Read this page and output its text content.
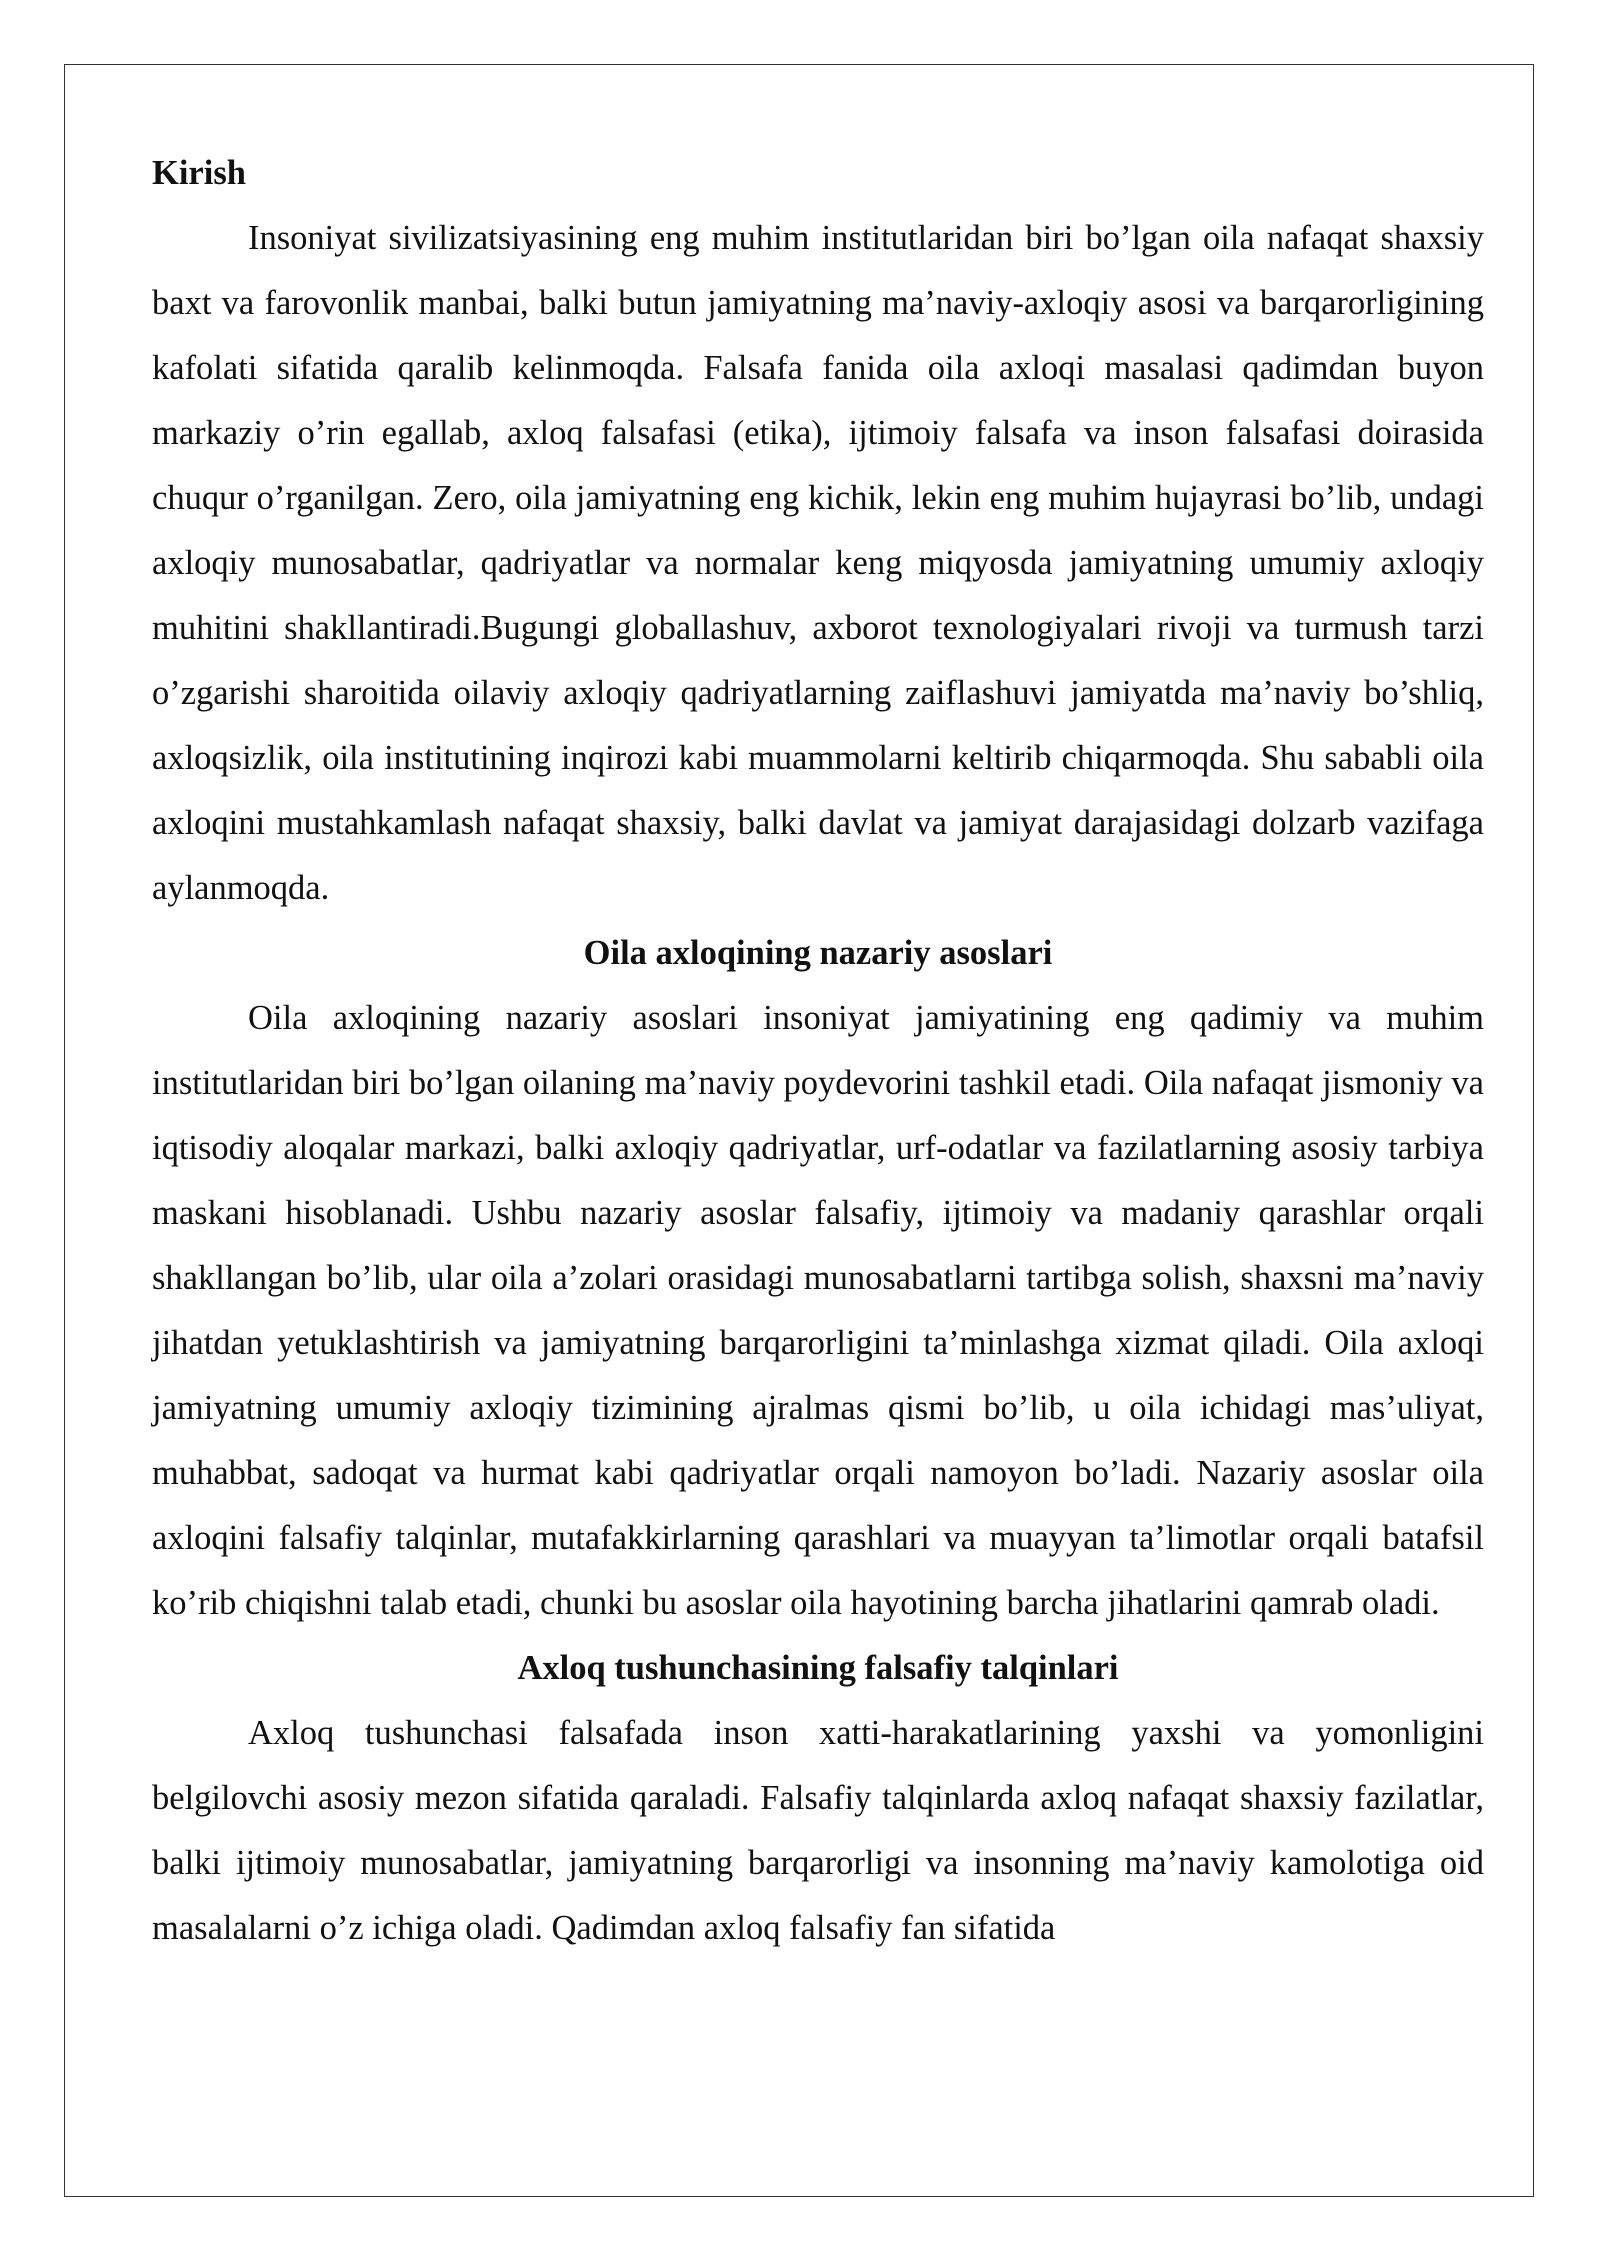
Kirish

Insoniyat sivilizatsiyasining eng muhim institutlaridan biri bo’lgan oila nafaqat shaxsiy baxt va farovonlik manbai, balki butun jamiyatning ma’naviy-axloqiy asosi va barqarorligining kafolati sifatida qaralib kelinmoqda. Falsafa fanida oila axloqi masalasi qadimdan buyon markaziy o’rin egallab, axloq falsafasi (etika), ijtimoiy falsafa va inson falsafasi doirasida chuqur o’rganilgan. Zero, oila jamiyatning eng kichik, lekin eng muhim hujayrasi bo’lib, undagi axloqiy munosabatlar, qadriyatlar va normalar keng miqyosda jamiyatning umumiy axloqiy muhitini shakllantiradi.Bugungi globallashuv, axborot texnologiyalari rivoji va turmush tarzi o’zgarishi sharoitida oilaviy axloqiy qadriyatlarning zaiflashuvi jamiyatda ma’naviy bo’shliq, axloqsizlik, oila institutining inqirozi kabi muammolarni keltirib chiqarmoqda. Shu sababli oila axloqini mustahkamlash nafaqat shaxsiy, balki davlat va jamiyat darajasidagi dolzarb vazifaga aylanmoqda.

Oila axloqining nazariy asoslari

Oila axloqining nazariy asoslari insoniyat jamiyatining eng qadimiy va muhim institutlaridan biri bo’lgan oilaning ma’naviy poydevorini tashkil etadi. Oila nafaqat jismoniy va iqtisodiy aloqalar markazi, balki axloqiy qadriyatlar, urf-odatlar va fazilatlarning asosiy tarbiya maskani hisoblanadi. Ushbu nazariy asoslar falsafiy, ijtimoiy va madaniy qarashlar orqali shakllangan bo’lib, ular oila a’zolari orasidagi munosabatlarni tartibga solish, shaxsni ma’naviy jihatdan yetuklashtirish va jamiyatning barqarorligini ta’minlashga xizmat qiladi. Oila axloqi jamiyatning umumiy axloqiy tizimining ajralmas qismi bo’lib, u oila ichidagi mas’uliyat, muhabbat, sadoqat va hurmat kabi qadriyatlar orqali namoyon bo’ladi. Nazariy asoslar oila axloqini falsafiy talqinlar, mutafakkirlarning qarashlari va muayyan ta’limotlar orqali batafsil ko’rib chiqishni talab etadi, chunki bu asoslar oila hayotining barcha jihatlarini qamrab oladi.

Axloq tushunchasining falsafiy talqinlari

Axloq tushunchasi falsafada inson xatti-harakatlarining yaxshi va yomonligini belgilovchi asosiy mezon sifatida qaraladi. Falsafiy talqinlarda axloq nafaqat shaxsiy fazilatlar, balki ijtimoiy munosabatlar, jamiyatning barqarorligi va insonning ma’naviy kamolotiga oid masalalarni o’z ichiga oladi. Qadimdan axloq falsafiy fan sifatida
